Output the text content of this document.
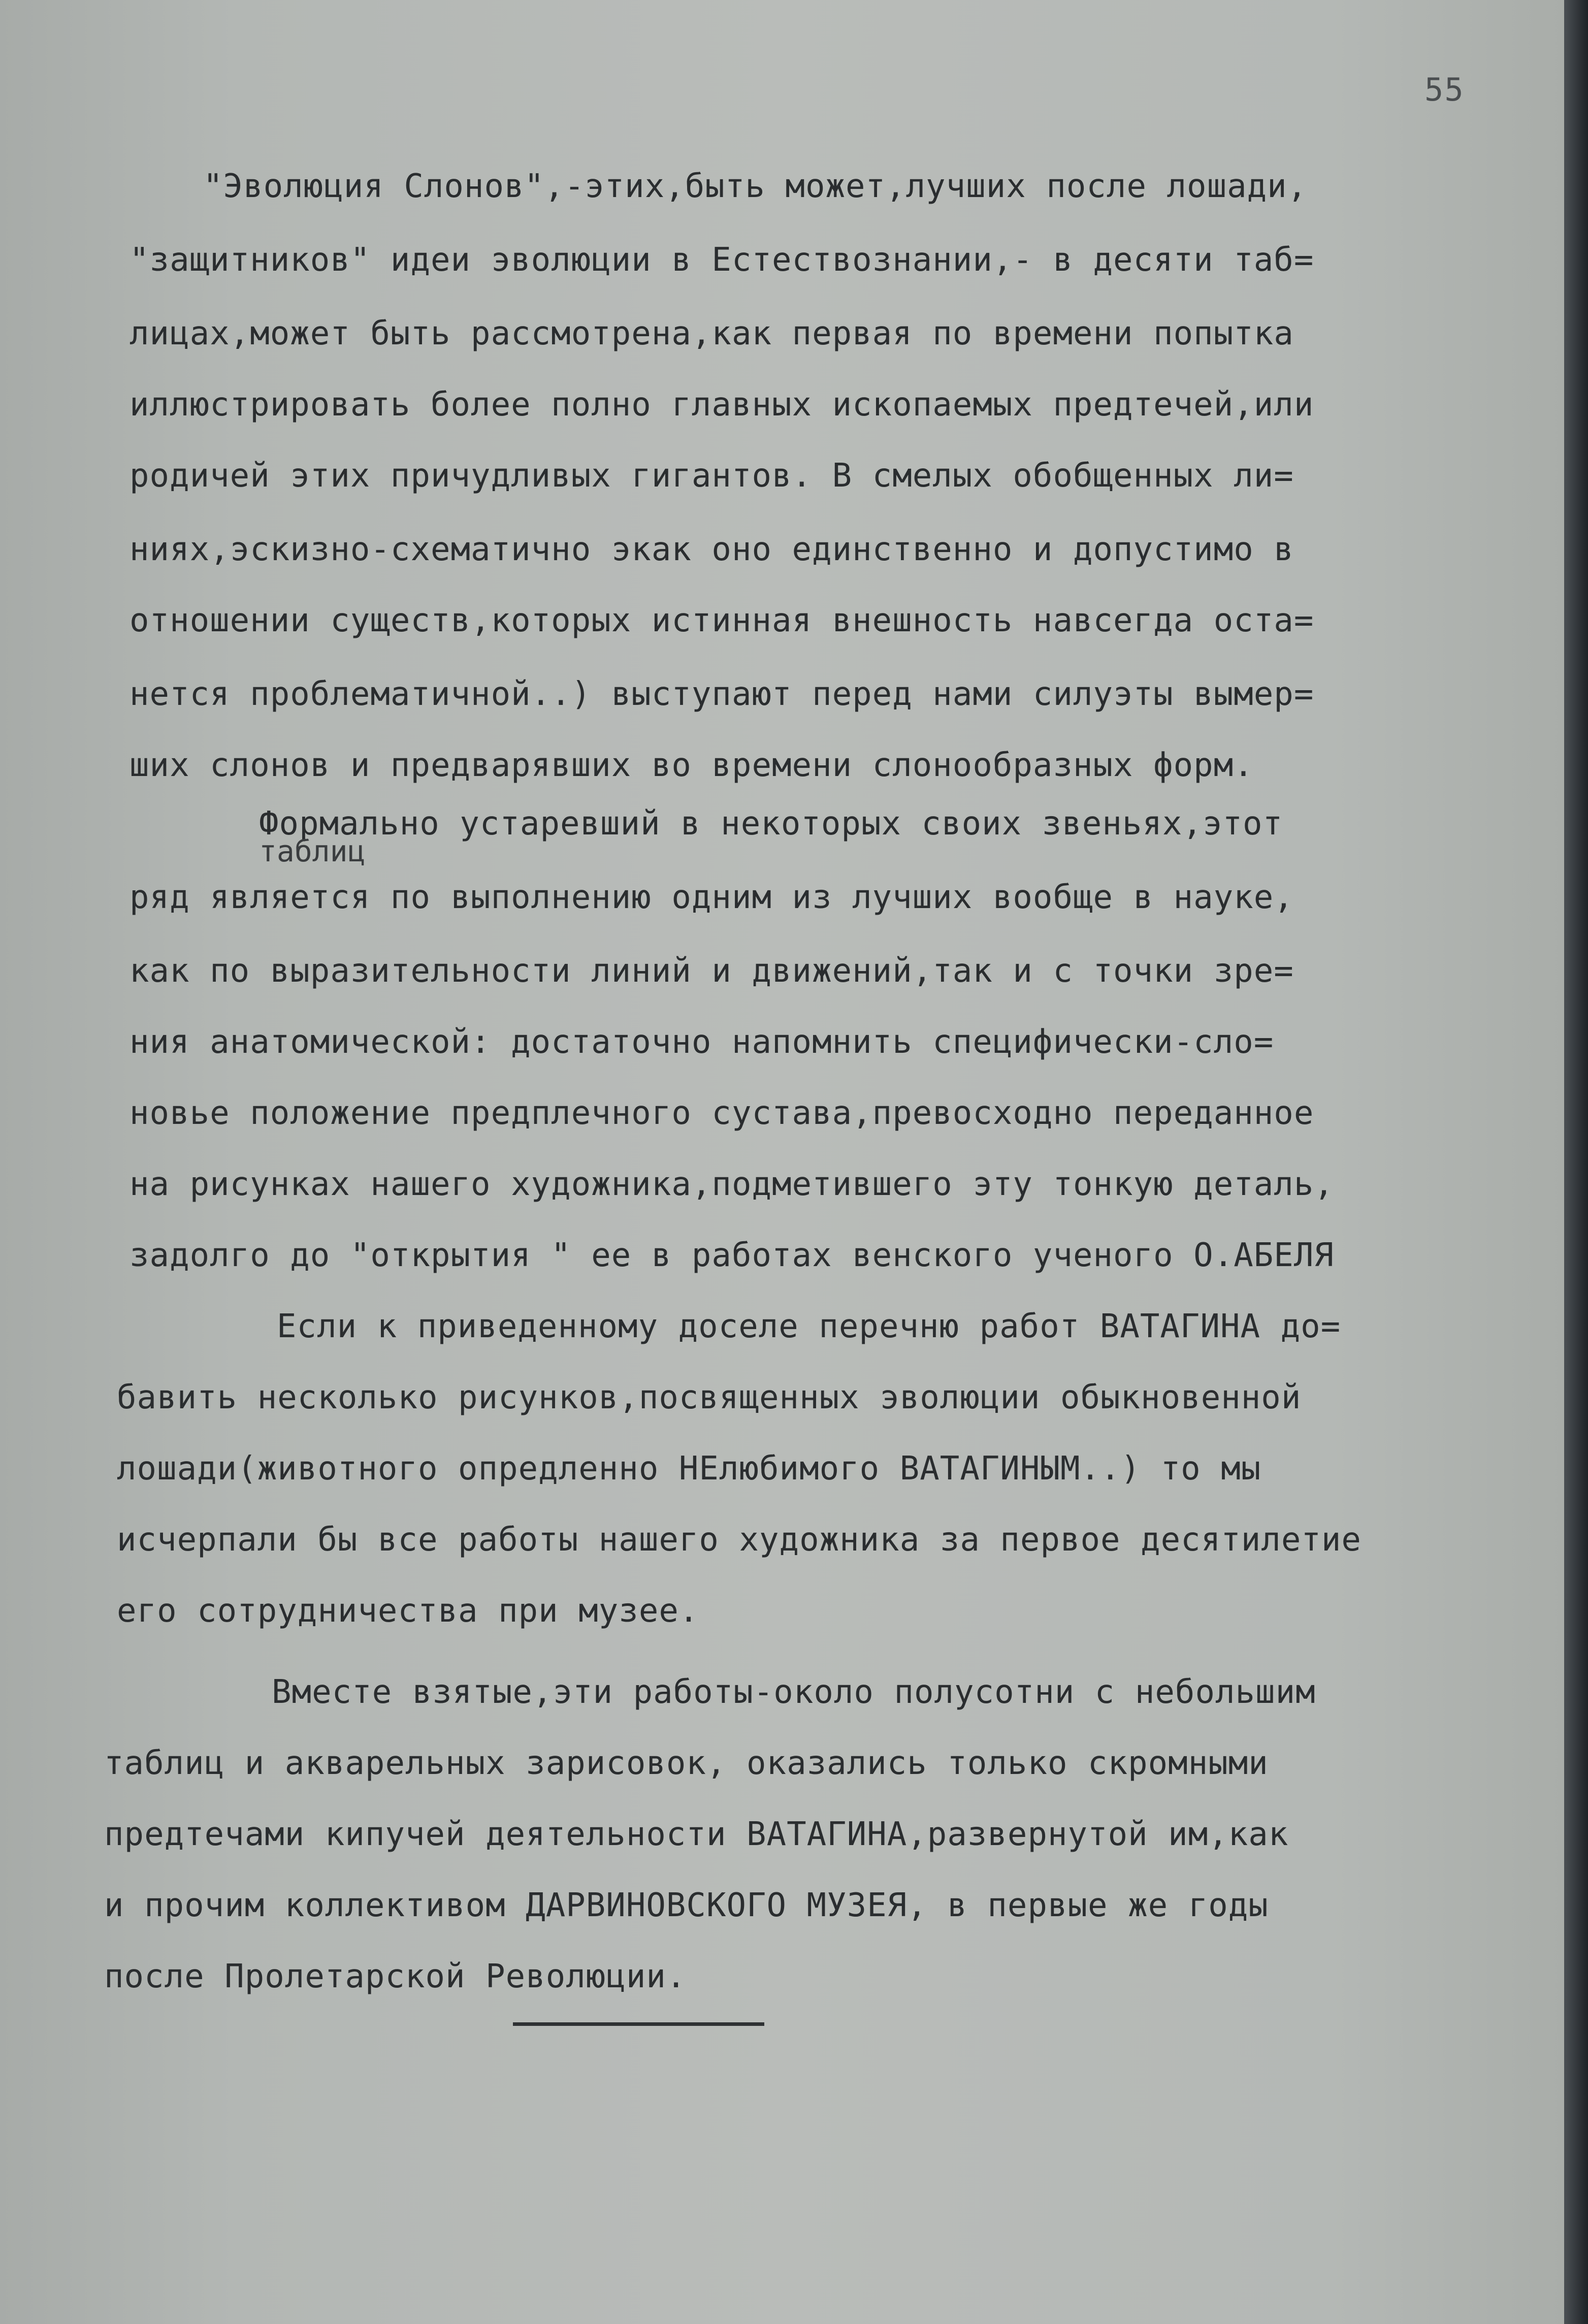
55
"Эволюция Слонов",-этих,быть может,лучших после лошади,
"защитников" идеи эволюции в Естествознании,- в десяти таб=
лицах,может быть рассмотрена,как первая по времени попытка
иллюстрировать более полно главных ископаемых предтечей,или
родичей этих причудливых гигантов. В смелых обобщенных ли=
ниях,эскизно-схематично экак оно единственно и допустимо в
отношении существ,которых истинная внешность навсегда оста=
нется проблематичной..) выступают перед нами силуэты вымер=
ших слонов и предварявших во времени слонообразных форм.
Формально устаревший в некоторых своих звеньях,этот
таблиц
ряд является по выполнению одним из лучших вообще в науке,
как по выразительности линий и движений,так и с точки зре=
ния анатомической: достаточно напомнить специфически-сло=
новье положение предплечного сустава,превосходно переданное
на рисунках нашего художника,подметившего эту тонкую деталь,
задолго до "открытия " ее в работах венского ученого О.АБЕЛЯ
Если к приведенному доселе перечню работ ВАТАГИНА до=
бавить несколько рисунков,посвященных эволюции обыкновенной
лошади(животного опредленно НЕлюбимого ВАТАГИНЫМ..) то мы
исчерпали бы все работы нашего художника за первое десятилетие
его сотрудничества при музее.
Вместе взятые,эти работы-около полусотни с небольшим
таблиц и акварельных зарисовок, оказались только скромными
предтечами кипучей деятельности ВАТАГИНА,развернутой им,как
и прочим коллективом ДАРВИНОВСКОГО МУЗЕЯ, в первые же годы
после Пролетарской Революции.
